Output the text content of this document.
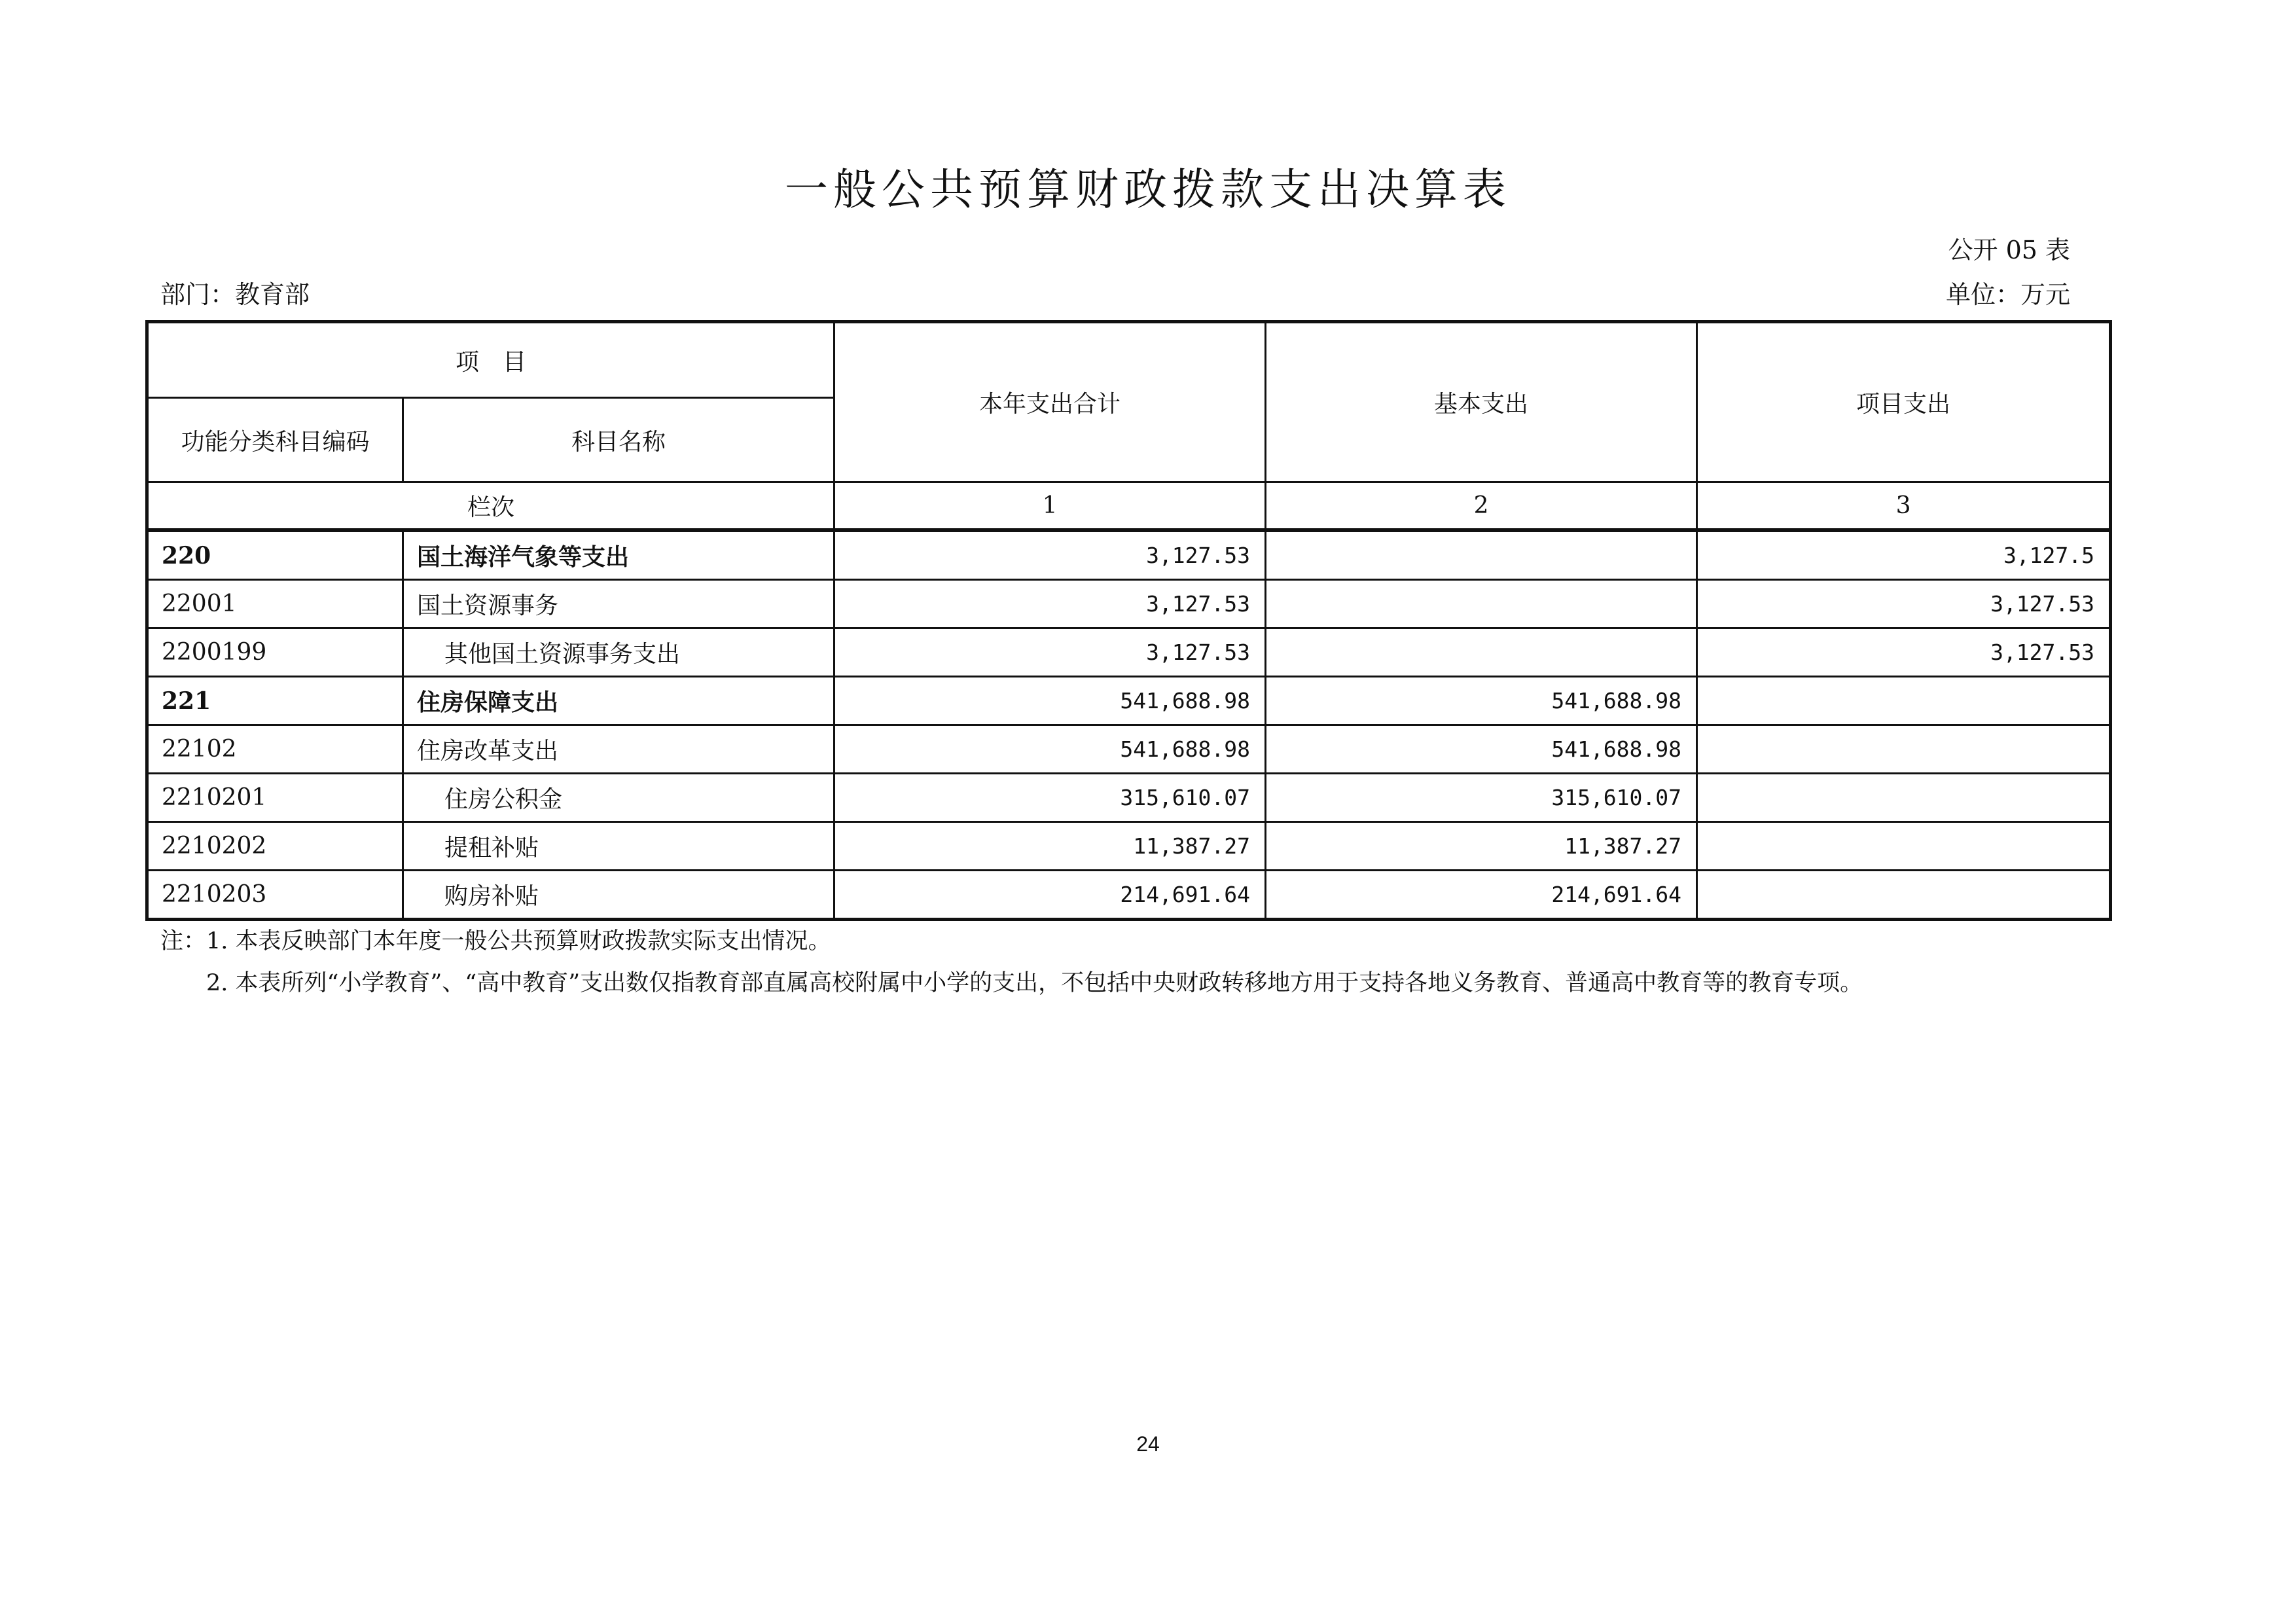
一般公共预算财政拨款支出决算表
公开 05 表
部门：教育部	单位：万元
项　目		本年支出合计	基本支出	项目支出
功能分类科目编码	科目名称			
栏次		1	2	3
220	国土海洋气象等支出	3,127.53		3,127.5
22001	国土资源事务	3,127.53		3,127.53
2200199	其他国土资源事务支出	3,127.53		3,127.53
221	住房保障支出	541,688.98	541,688.98	
22102	住房改革支出	541,688.98	541,688.98	
2210201	住房公积金	315,610.07	315,610.07	
2210202	提租补贴	11,387.27	11,387.27	
2210203	购房补贴	214,691.64	214,691.64	
注：1. 本表反映部门本年度一般公共预算财政拨款实际支出情况。
2. 本表所列“小学教育”、“高中教育”支出数仅指教育部直属高校附属中小学的支出，不包括中央财政转移地方用于支持各地义务教育、普通高中教育等的教育专项。
24
